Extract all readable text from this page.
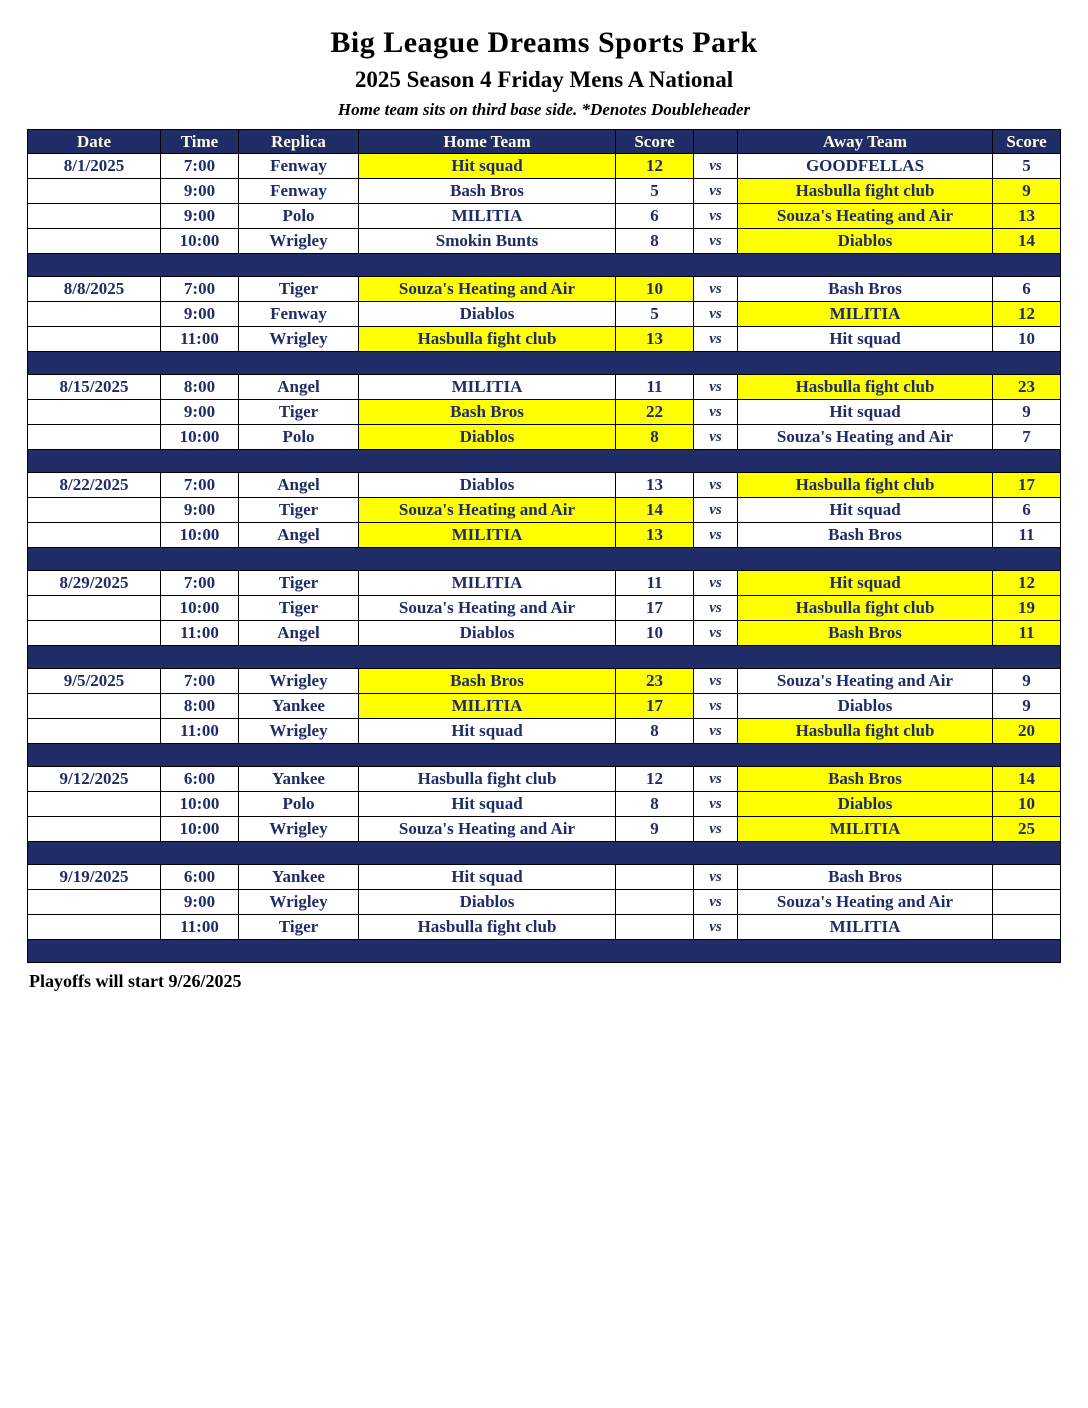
Big League Dreams Sports Park
2025 Season 4 Friday Mens A National
Home team sits on third base side. *Denotes Doubleheader
Date	Time	Replica	Home Team	Score		Away Team	Score
8/1/2025	7:00	Fenway	Hit squad	12	vs	GOODFELLAS	5
	9:00	Fenway	Bash Bros	5	vs	Hasbulla fight club	9
	9:00	Polo	MILITIA	6	vs	Souza's Heating and Air	13
	10:00	Wrigley	Smokin Bunts	8	vs	Diablos	14

8/8/2025	7:00	Tiger	Souza's Heating and Air	10	vs	Bash Bros	6
	9:00	Fenway	Diablos	5	vs	MILITIA	12
	11:00	Wrigley	Hasbulla fight club	13	vs	Hit squad	10

8/15/2025	8:00	Angel	MILITIA	11	vs	Hasbulla fight club	23
	9:00	Tiger	Bash Bros	22	vs	Hit squad	9
	10:00	Polo	Diablos	8	vs	Souza's Heating and Air	7

8/22/2025	7:00	Angel	Diablos	13	vs	Hasbulla fight club	17
	9:00	Tiger	Souza's Heating and Air	14	vs	Hit squad	6
	10:00	Angel	MILITIA	13	vs	Bash Bros	11

8/29/2025	7:00	Tiger	MILITIA	11	vs	Hit squad	12
	10:00	Tiger	Souza's Heating and Air	17	vs	Hasbulla fight club	19
	11:00	Angel	Diablos	10	vs	Bash Bros	11

9/5/2025	7:00	Wrigley	Bash Bros	23	vs	Souza's Heating and Air	9
	8:00	Yankee	MILITIA	17	vs	Diablos	9
	11:00	Wrigley	Hit squad	8	vs	Hasbulla fight club	20

9/12/2025	6:00	Yankee	Hasbulla fight club	12	vs	Bash Bros	14
	10:00	Polo	Hit squad	8	vs	Diablos	10
	10:00	Wrigley	Souza's Heating and Air	9	vs	MILITIA	25

9/19/2025	6:00	Yankee	Hit squad		vs	Bash Bros	
	9:00	Wrigley	Diablos		vs	Souza's Heating and Air	
	11:00	Tiger	Hasbulla fight club		vs	MILITIA	

Playoffs will start 9/26/2025
